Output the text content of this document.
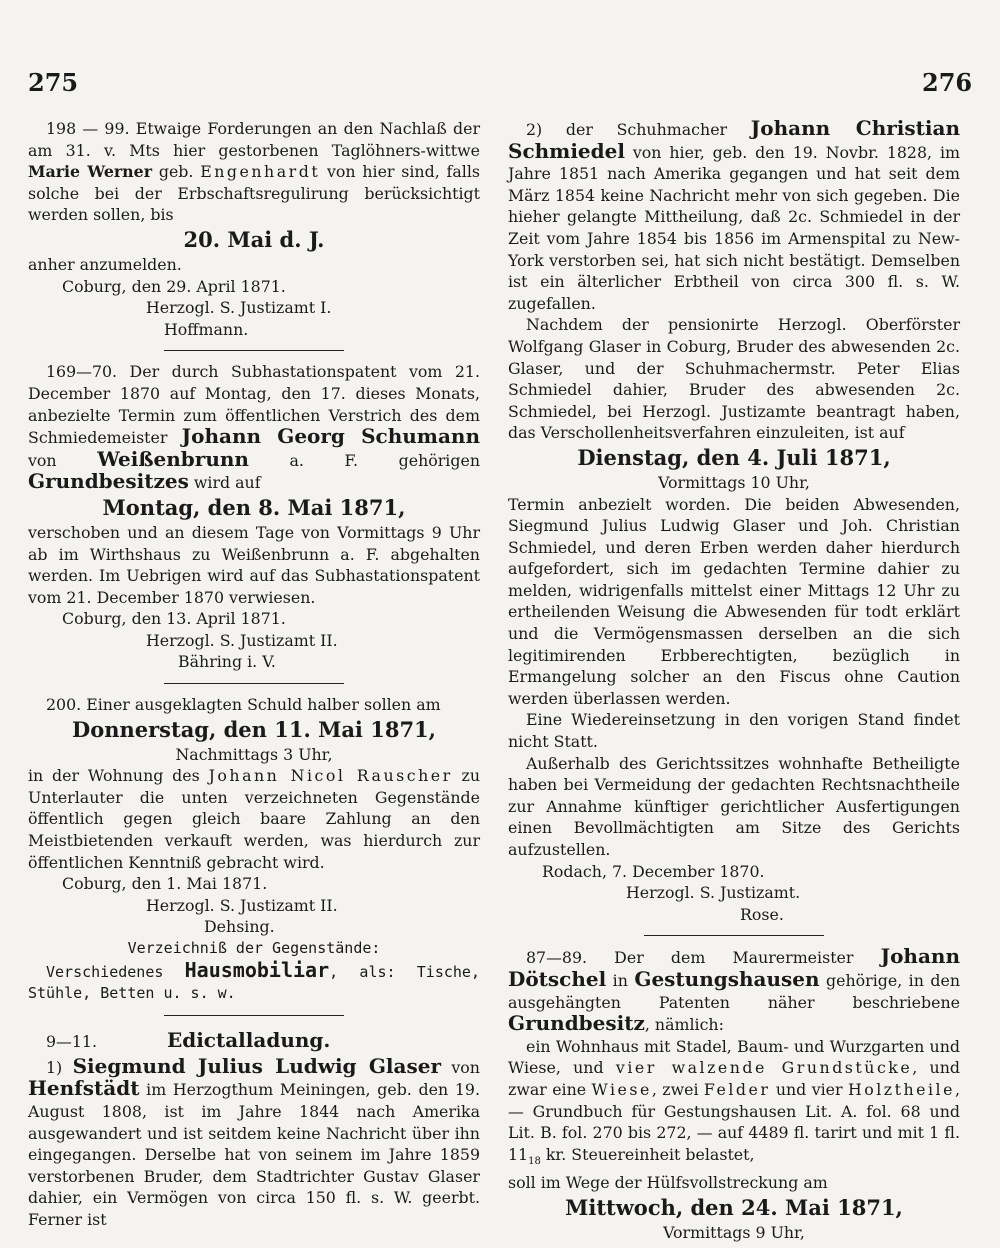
275	276

198 — 99. Etwaige Forderungen an den Nachlaß der am 31. v. Mts hier gestorbenen Taglöhners-wittwe Marie Werner geb. Engenhardt von hier sind, falls solche bei der Erbschaftsregulirung berücksichtigt werden sollen, bis

20. Mai d. J.

anher anzumelden.

Coburg, den 29. April 1871.

Herzogl. S. Justizamt I.

Hoffmann.

169—70. Der durch Subhastationspatent vom 21. December 1870 auf Montag, den 17. dieses Monats, anbezielte Termin zum öffentlichen Verstrich des dem Schmiedemeister Johann Georg Schumann von Weißenbrunn a. F. gehörigen Grundbesitzes wird auf

Montag, den 8. Mai 1871,

verschoben und an diesem Tage von Vormittags 9 Uhr ab im Wirthshaus zu Weißenbrunn a. F. abgehalten werden. Im Uebrigen wird auf das Subhastationspatent vom 21. December 1870 verwiesen.

Coburg, den 13. April 1871.

Herzogl. S. Justizamt II.

Bähring i. V.

200. Einer ausgeklagten Schuld halber sollen am

Donnerstag, den 11. Mai 1871,

Nachmittags 3 Uhr,

in der Wohnung des Johann Nicol Rauscher zu Unterlauter die unten verzeichneten Gegenstände öffentlich gegen gleich baare Zahlung an den Meistbietenden verkauft werden, was hierdurch zur öffentlichen Kenntniß gebracht wird.

Coburg, den 1. Mai 1871.

Herzogl. S. Justizamt II.

Dehsing.

Verzeichniß der Gegenstände:

Verschiedenes Hausmobiliar, als: Tische, Stühle, Betten u. s. w.

9—11.	Edictalladung.

1) Siegmund Julius Ludwig Glaser von Henfstädt im Herzogthum Meiningen, geb. den 19. August 1808, ist im Jahre 1844 nach Amerika ausgewandert und ist seitdem keine Nachricht über ihn eingegangen. Derselbe hat von seinem im Jahre 1859 verstorbenen Bruder, dem Stadtrichter Gustav Glaser dahier, ein Vermögen von circa 150 fl. s. W. geerbt. Ferner ist

2) der Schuhmacher Johann Christian Schmiedel von hier, geb. den 19. Novbr. 1828, im Jahre 1851 nach Amerika gegangen und hat seit dem März 1854 keine Nachricht mehr von sich gegeben. Die hieher gelangte Mittheilung, daß 2c. Schmiedel in der Zeit vom Jahre 1854 bis 1856 im Armenspital zu New-York verstorben sei, hat sich nicht bestätigt. Demselben ist ein älterlicher Erbtheil von circa 300 fl. s. W. zugefallen.

Nachdem der pensionirte Herzogl. Oberförster Wolfgang Glaser in Coburg, Bruder des abwesenden 2c. Glaser, und der Schuhmachermstr. Peter Elias Schmiedel dahier, Bruder des abwesenden 2c. Schmiedel, bei Herzogl. Justizamte beantragt haben, das Verschollenheitsverfahren einzuleiten, ist auf

Dienstag, den 4. Juli 1871,

Vormittags 10 Uhr,

Termin anbezielt worden. Die beiden Abwesenden, Siegmund Julius Ludwig Glaser und Joh. Christian Schmiedel, und deren Erben werden daher hierdurch aufgefordert, sich im gedachten Termine dahier zu melden, widrigenfalls mittelst einer Mittags 12 Uhr zu ertheilenden Weisung die Abwesenden für todt erklärt und die Vermögensmassen derselben an die sich legitimirenden Erbberechtigten, bezüglich in Ermangelung solcher an den Fiscus ohne Caution werden überlassen werden.

Eine Wiedereinsetzung in den vorigen Stand findet nicht Statt.

Außerhalb des Gerichtssitzes wohnhafte Betheiligte haben bei Vermeidung der gedachten Rechtsnachtheile zur Annahme künftiger gerichtlicher Ausfertigungen einen Bevollmächtigten am Sitze des Gerichts aufzustellen.

Rodach, 7. December 1870.

Herzogl. S. Justizamt.

Rose.

87—89. Der dem Maurermeister Johann Dötschel in Gestungshausen gehörige, in den ausgehängten Patenten näher beschriebene Grundbesitz, nämlich:

ein Wohnhaus mit Stadel, Baum- und Wurzgarten und Wiese, und vier walzende Grundstücke, und zwar eine Wiese, zwei Felder und vier Holztheile, — Grundbuch für Gestungshausen Lit. A. fol. 68 und Lit. B. fol. 270 bis 272, — auf 4489 fl. tarirt und mit 1 fl. $11_{18}$ kr. Steuereinheit belastet,

soll im Wege der Hülfsvollstreckung am

Mittwoch, den 24. Mai 1871,

Vormittags 9 Uhr,
